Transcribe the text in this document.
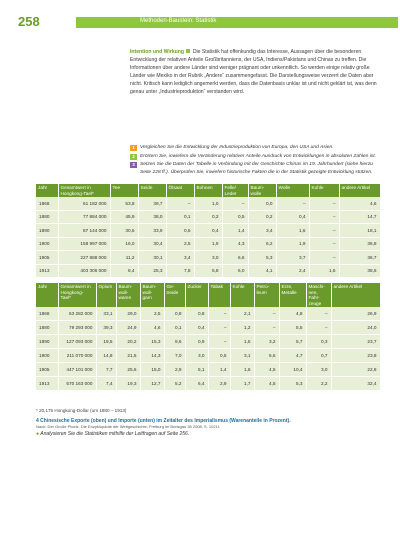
258	Methoden-Baustein: Statistik
Intention und Wirkung Die Statistik hat offenkundig das Interesse, Aussagen über die besonderen Entwicklung der relativen Anteile Großbritanniens, der USA, Indiens/Pakistans und Chinas zu treffen. Die Informationen über andere Länder sind weniger prägnant oder unkenntlich. So werden einige relativ große Länder wie Mexiko in der Rubrik „Andere“ zusammengefasst. Die Darstellungsweise verzerrt die Daten aber nicht. Kritisch kann lediglich angemerkt werden, dass die Datenbasis unklar ist und nicht geklärt ist, was denn genau unter „Industrieproduktion“ verstanden wird.
1	Vergleichen Sie die Entwicklung der Industrieproduktion von Europa, den USA und Asien.
2	Erörtern Sie, inwiefern die Veränderung relativer Anteile Ausdruck von Entwicklungen in absoluten Zahlen ist.
3	Setzen Sie die Daten der Tabelle in Verbindung mit der Geschichte Chinas im 19. Jahrhundert (siehe hierzu Seite 228 ff.). Überprüfen Sie, inwiefern historische Fakten die in der Statistik gezeigte Entwicklung stützen.
Jahr	Gesamtwert in Hongkong-Tael*	Tee	Seide	Ölsaat	Bohnen	Felle/ Leder	Baum-wolle	Wolle	Kohle	andere Artikel
1868	61 182 000	53,8	39,7	–	1,0	–	0,0	–	–	4,6
1880	77 884 000	45,9	38,0	0,1	0,2	0,5	0,2	0,4	–	14,7
1890	87 144 000	30,6	33,9	0,6	0,4	1,4	3,4	1,6	–	18,1
1900	158 997 000	16,0	30,4	2,5	1,9	4,3	6,2	1,9	–	36,8
1905	227 888 000	11,2	30,1	3,4	3,0	6,6	5,3	3,7	–	36,7
1913	403 306 000	8,4	25,3	7,8	5,8	6,0	4,1	2,4	1,6	38,6
Jahr	Gesamtwert in Hongkong-Tael*	Opium	Baum-woll-waren	Baum-woll-garn	Ge-treide	Zucker	Tabak	Kohle	Petro-leum	Erze, Metalle	Maschi-nen, Fahr-zeuge	andere Artikel
1868	63 282 000	33,1	29,0	2,5	0,8	0,8	–	2,1	–	4,8	–	26,9
1880	79 293 000	39,3	24,9	4,6	0,1	0,4	–	1,2	–	5,5	–	24,0
1890	127 093 000	19,5	20,2	15,3	9,6	0,9	–	1,6	3,2	5,7	0,3	23,7
1900	211 070 000	14,8	21,5	14,3	7,0	3,0	0,5	3,1	6,6	4,7	0,7	23,8
1905	447 101 000	7,7	25,6	15,0	2,9	5,1	1,4	1,6	4,5	10,4	3,0	22,8
1913	570 163 000	7,4	19,3	12,7	5,2	6,4	2,9	1,7	4,5	5,3	2,2	32,4
* 20,175 Hongkong-Dollar (um 1880 – 1913)
4 Chinesische Exporte (oben) und Importe (unten) im Zeitalter des Imperialismus (Warenanteile in Prozent).
Nach: Der Große Ploetz. Die Enzyklopädie der Weltgeschichte, Freiburg im Breisgau 35 2008, S. 1021f.
● Analysieren Sie die Statistiken mithilfe der Leitfragen auf Seite 256.
